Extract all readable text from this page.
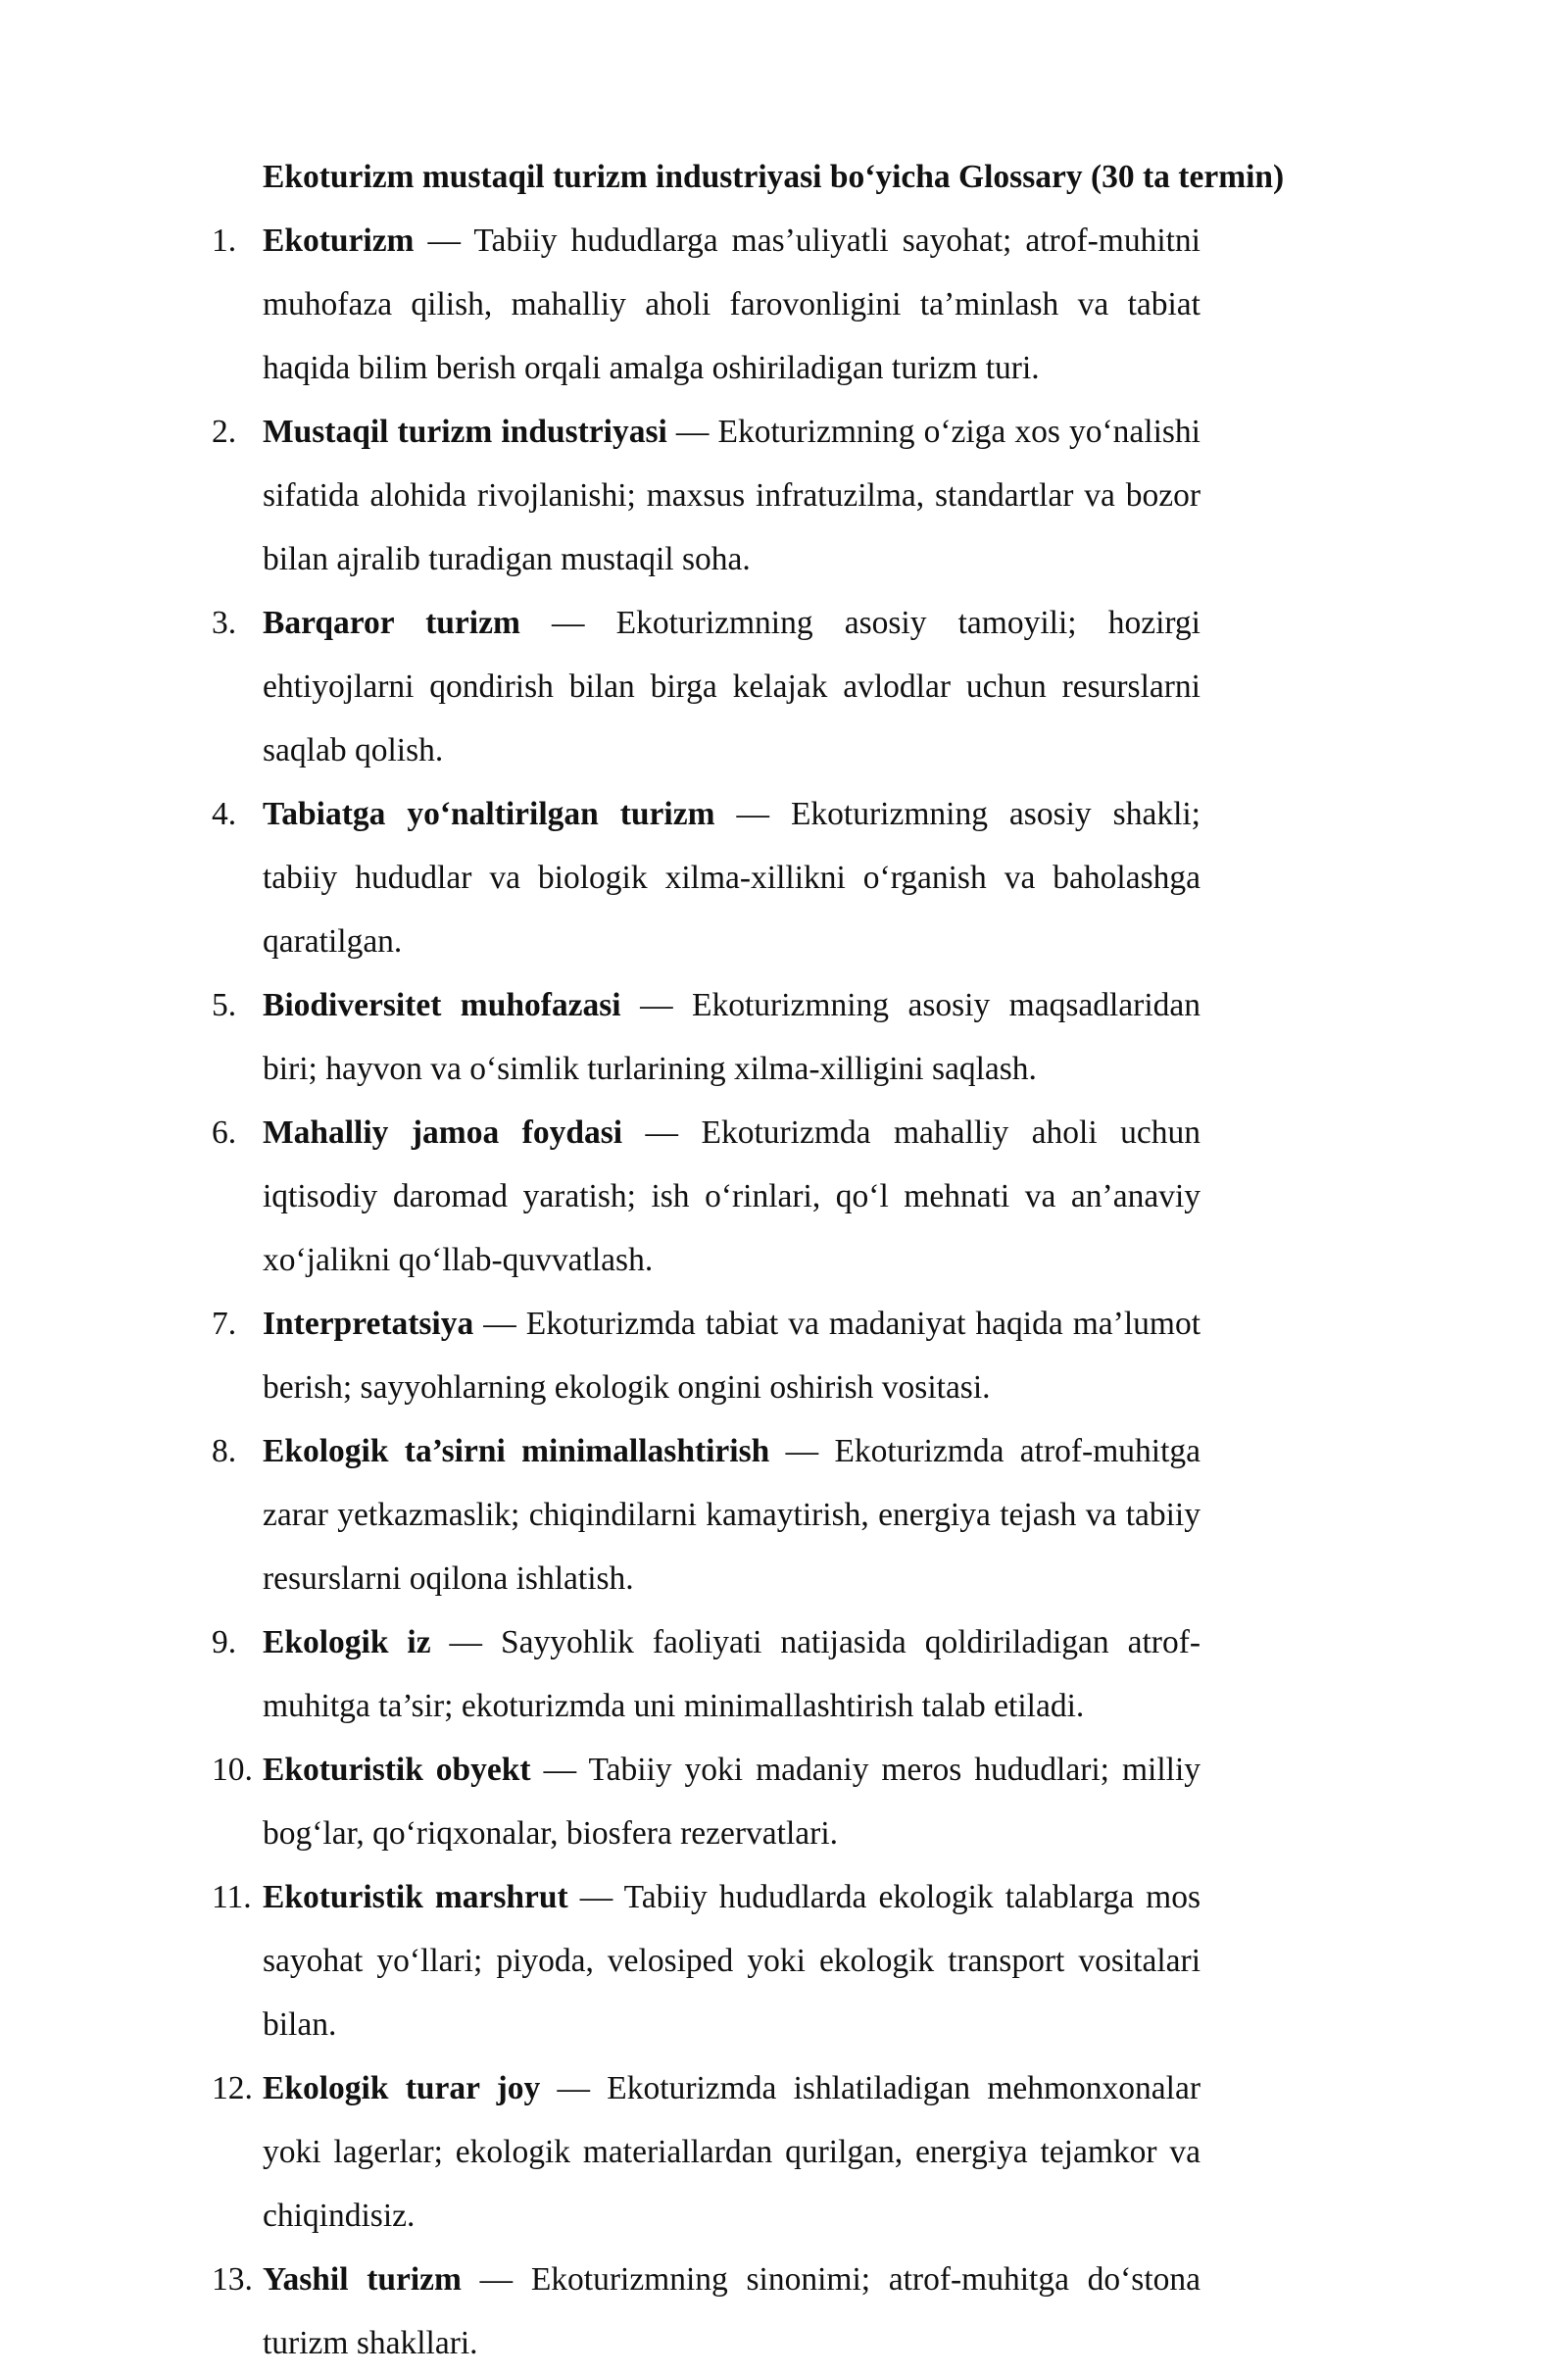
Ekoturizm mustaqil turizm industriyasi bo‘yicha Glossary (30 ta termin)
1. Ekoturizm — Tabiiy hududlarga mas’uliyatli sayohat; atrof-muhitni muhofaza qilish, mahalliy aholi farovonligini ta’minlash va tabiat haqida bilim berish orqali amalga oshiriladigan turizm turi.
2. Mustaqil turizm industriyasi — Ekoturizmning o‘ziga xos yo‘nalishi sifatida alohida rivojlanishi; maxsus infratuzilma, standartlar va bozor bilan ajralib turadigan mustaqil soha.
3. Barqaror turizm — Ekoturizmning asosiy tamoyili; hozirgi ehtiyojlarni qondirish bilan birga kelajak avlodlar uchun resurslarni saqlab qolish.
4. Tabiatga yo‘naltirilgan turizm — Ekoturizmning asosiy shakli; tabiiy hududlar va biologik xilma-xillikni o‘rganish va baholashga qaratilgan.
5. Biodiversitet muhofazasi — Ekoturizmning asosiy maqsadlaridan biri; hayvon va o‘simlik turlarining xilma-xilligini saqlash.
6. Mahalliy jamoa foydasi — Ekoturizmda mahalliy aholi uchun iqtisodiy daromad yaratish; ish o‘rinlari, qo‘l mehnati va an’anaviy xo‘jalikni qo‘llab-quvvatlash.
7. Interpretatsiya — Ekoturizmda tabiat va madaniyat haqida ma’lumot berish; sayyohlarning ekologik ongini oshirish vositasi.
8. Ekologik ta’sirni minimallashtirish — Ekoturizmda atrof-muhitga zarar yetkazmaslik; chiqindilarni kamaytirish, energiya tejash va tabiiy resurslarni oqilona ishlatish.
9. Ekologik iz — Sayyohlik faoliyati natijasida qoldiriladigan atrof-muhitga ta’sir; ekoturizmda uni minimallashtirish talab etiladi.
10. Ekoturistik obyekt — Tabiiy yoki madaniy meros hududlari; milliy bog‘lar, qo‘riqxonalar, biosfera rezervatlari.
11. Ekoturistik marshrut — Tabiiy hududlarda ekologik talablarga mos sayohat yo‘llari; piyoda, velosiped yoki ekologik transport vositalari bilan.
12. Ekologik turar joy — Ekoturizmda ishlatiladigan mehmonxonalar yoki lagerlar; ekologik materiallardan qurilgan, energiya tejamkor va chiqindisiz.
13. Yashil turizm — Ekoturizmning sinonimi; atrof-muhitga do‘stona turizm shakllari.
